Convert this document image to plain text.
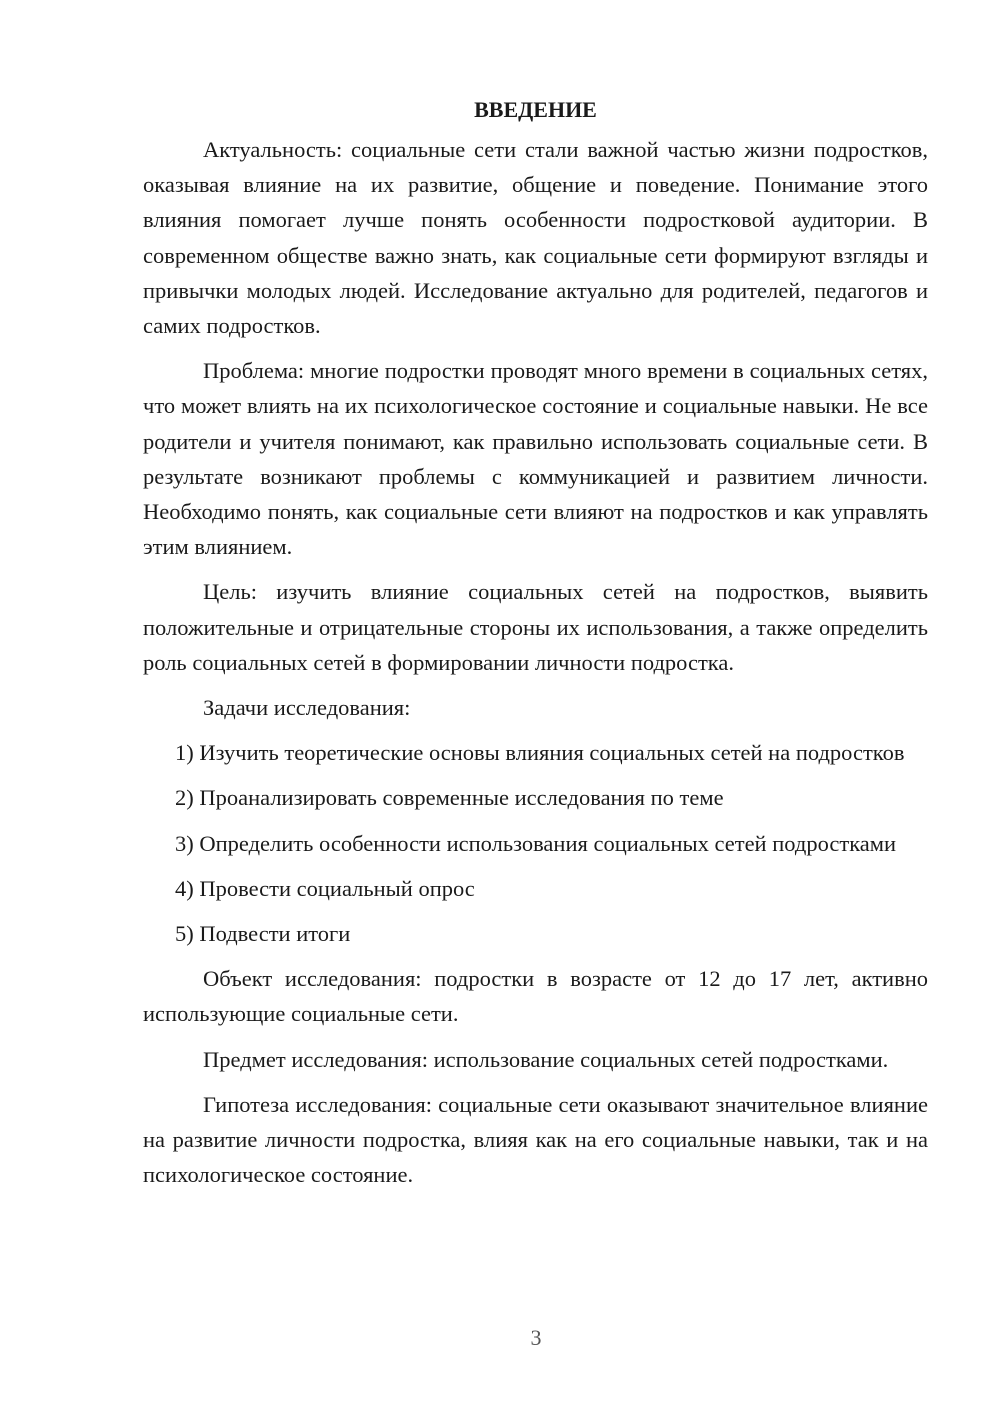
ВВЕДЕНИЕ

Актуальность: социальные сети стали важной частью жизни подростков, оказывая влияние на их развитие, общение и поведение. Понимание этого влияния помогает лучше понять особенности подростковой аудитории. В современном обществе важно знать, как социальные сети формируют взгляды и привычки молодых людей. Исследование актуально для родителей, педагогов и самих подростков.

Проблема: многие подростки проводят много времени в социальных сетях, что может влиять на их психологическое состояние и социальные навыки. Не все родители и учителя понимают, как правильно использовать социальные сети. В результате возникают проблемы с коммуникацией и развитием личности. Необходимо понять, как социальные сети влияют на подростков и как управлять этим влиянием.

Цель: изучить влияние социальных сетей на подростков, выявить положительные и отрицательные стороны их использования, а также определить роль социальных сетей в формировании личности подростка.

Задачи исследования:

1) Изучить теоретические основы влияния социальных сетей на подростков

2) Проанализировать современные исследования по теме

3) Определить особенности использования социальных сетей подростками

4) Провести социальный опрос

5) Подвести итоги

Объект исследования: подростки в возрасте от 12 до 17 лет, активно использующие социальные сети.

Предмет исследования: использование социальных сетей подростками.

Гипотеза исследования: социальные сети оказывают значительное влияние на развитие личности подростка, влияя как на его социальные навыки, так и на психологическое состояние.

3
